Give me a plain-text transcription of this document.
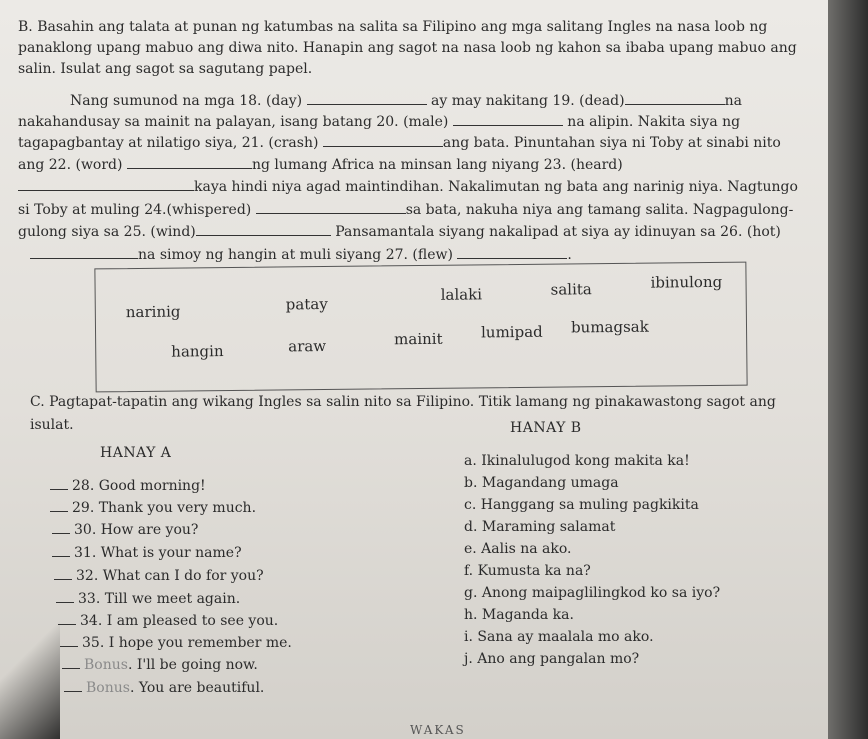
B. Basahin ang talata at punan ng katumbas na salita sa Filipino ang mga salitang Ingles na nasa loob ng
panaklong upang mabuo ang diwa nito. Hanapin ang sagot na nasa loob ng kahon sa ibaba upang mabuo ang
salin. Isulat ang sagot sa sagutang papel.
Nang sumunod na mga 18. (day)	ay may nakitang 19. (dead)	na
nakahandusay sa mainit na palayan, isang batang 20. (male)	na alipin. Nakita siya ng
tagapagbantay at nilatigo siya, 21. (crash)	ang bata. Pinuntahan siya ni Toby at sinabi nito
ang 22. (word)	ng lumang Africa na minsan lang niyang 23. (heard)
kaya hindi niya agad maintindihan. Nakalimutan ng bata ang narinig niya. Nagtungo
si Toby at muling 24.(whispered)	sa bata, nakuha niya ang tamang salita. Nagpagulong-
gulong siya sa 25. (wind)	Pansamantala siyang nakalipad at siya ay idinuyan sa 26. (hot)
na simoy ng hangin at muli siyang 27. (flew)	.
narinig	patay
lalaki	salita	ibinulong
hangin	araw	mainit	lumipad bumagsak
C. Pagtapat-tapatin ang wikang Ingles sa salin nito sa Filipino. Titik lamang ng pinakawastong sagot ang
isulat.
HANAY A
HANAY B
28. Good morning!
29. Thank you very much.
30. How are you?
31. What is your name?
32. What can I do for you?
33. Till we meet again.
34. I am pleased to see you.
35. I hope you remember me.
Bonus. I'll be going now.
Bonus. You are beautiful.
a. Ikinalulugod kong makita ka!
b. Magandang umaga
c. Hanggang sa muling pagkikita
d. Maraming salamat
e. Aalis na ako.
f. Kumusta ka na?
g. Anong maipaglilingkod ko sa iyo?
h. Maganda ka.
i. Sana ay maalala mo ako.
j. Ano ang pangalan mo?
WAKAS
